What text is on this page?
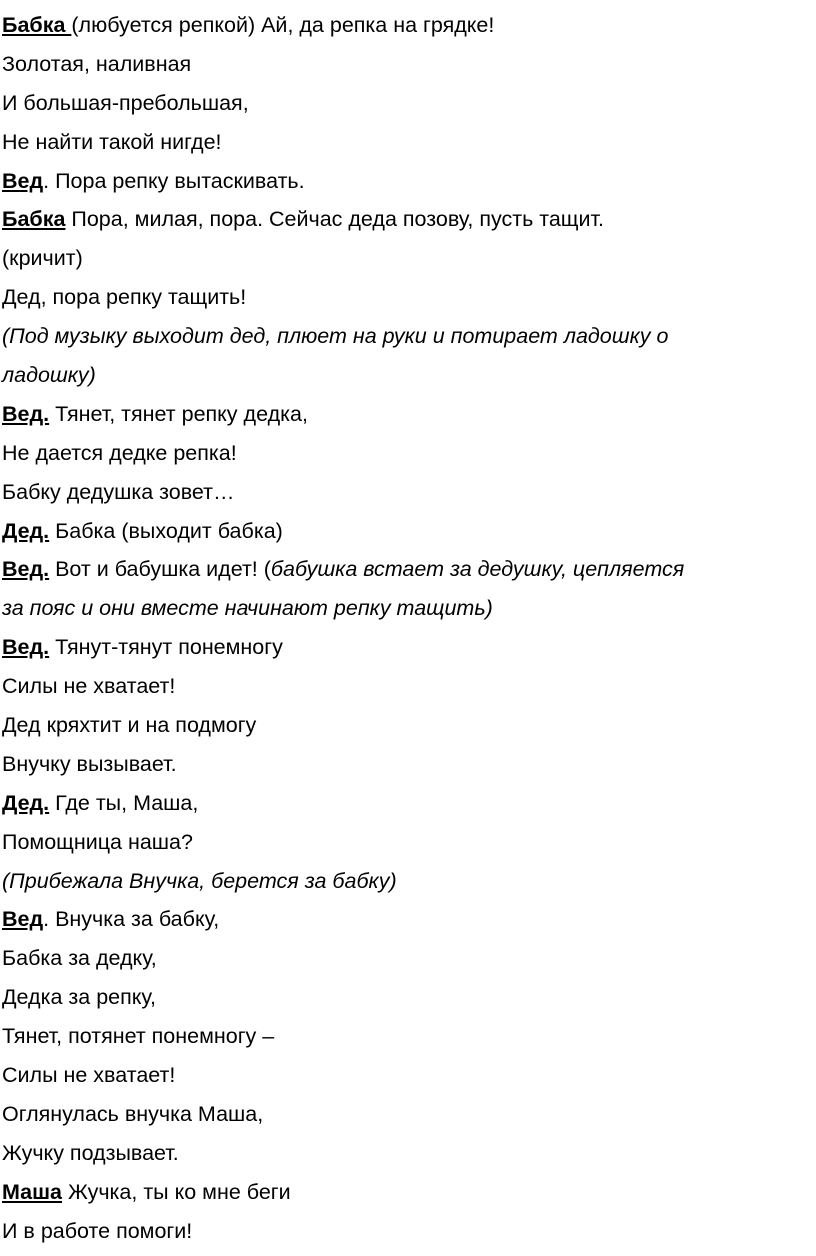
Бабка (любуется репкой) Ай, да репка на грядке!
Золотая, наливная
И большая-пребольшая,
Не найти такой нигде!
Вед. Пора репку вытаскивать.
Бабка Пора, милая, пора. Сейчас деда позову, пусть тащит.
(кричит)
Дед, пора репку тащить!
(Под музыку выходит дед, плюет на руки и потирает ладошку о
ладошку)
Вед. Тянет, тянет репку дедка,
Не дается дедке репка!
Бабку дедушка зовет…
Дед. Бабка (выходит бабка)
Вед. Вот и бабушка идет! (бабушка встает за дедушку, цепляется
за пояс и они вместе начинают репку тащить)
Вед. Тянут-тянут понемногу
Силы не хватает!
Дед кряхтит и на подмогу
Внучку вызывает.
Дед. Где ты, Маша,
Помощница наша?
(Прибежала Внучка, берется за бабку)
Вед. Внучка за бабку,
Бабка за дедку,
Дедка за репку,
Тянет, потянет понемногу –
Силы не хватает!
Оглянулась внучка Маша,
Жучку подзывает.
Маша Жучка, ты ко мне беги
И в работе помоги!
